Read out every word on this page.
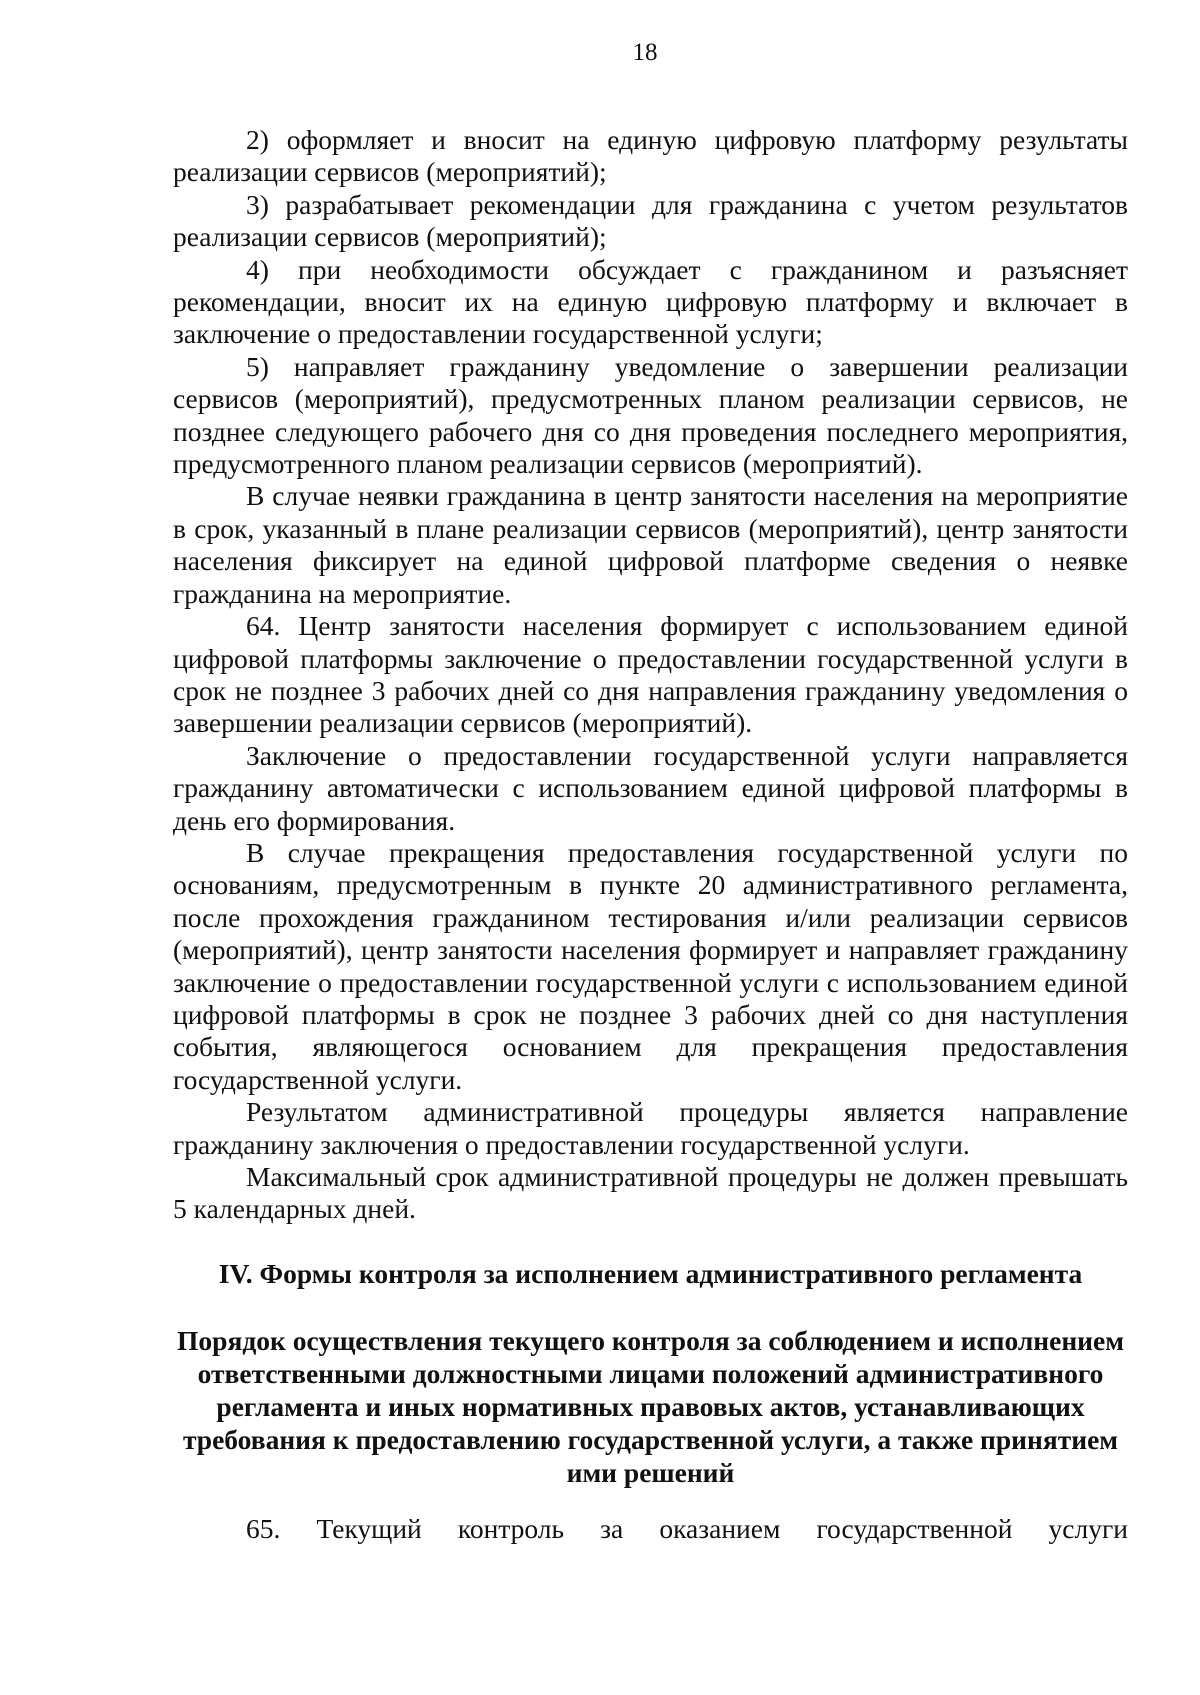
18

2) оформляет и вносит на единую цифровую платформу результаты реализации сервисов (мероприятий);

3) разрабатывает рекомендации для гражданина с учетом результатов реализации сервисов (мероприятий);

4) при необходимости обсуждает с гражданином и разъясняет рекомендации, вносит их на единую цифровую платформу и включает в заключение о предоставлении государственной услуги;

5) направляет гражданину уведомление о завершении реализации сервисов (мероприятий), предусмотренных планом реализации сервисов, не позднее следующего рабочего дня со дня проведения последнего мероприятия, предусмотренного планом реализации сервисов (мероприятий).

В случае неявки гражданина в центр занятости населения на мероприятие в срок, указанный в плане реализации сервисов (мероприятий), центр занятости населения фиксирует на единой цифровой платформе сведения о неявке гражданина на мероприятие.

64. Центр занятости населения формирует с использованием единой цифровой платформы заключение о предоставлении государственной услуги в срок не позднее 3 рабочих дней со дня направления гражданину уведомления о завершении реализации сервисов (мероприятий).

Заключение о предоставлении государственной услуги направляется гражданину автоматически с использованием единой цифровой платформы в день его формирования.

В случае прекращения предоставления государственной услуги по основаниям, предусмотренным в пункте 20 административного регламента, после прохождения гражданином тестирования и/или реализации сервисов (мероприятий), центр занятости населения формирует и направляет гражданину заключение о предоставлении государственной услуги с использованием единой цифровой платформы в срок не позднее 3 рабочих дней со дня наступления события, являющегося основанием для прекращения предоставления государственной услуги.

Результатом административной процедуры является направление гражданину заключения о предоставлении государственной услуги.

Максимальный срок административной процедуры не должен превышать 5 календарных дней.

IV. Формы контроля за исполнением административного регламента
Порядок осуществления текущего контроля за соблюдением и исполнением ответственными должностными лицами положений административного регламента и иных нормативных правовых актов, устанавливающих требования к предоставлению государственной услуги, а также принятием ими решений

65. Текущий контроль за оказанием государственной услуги
